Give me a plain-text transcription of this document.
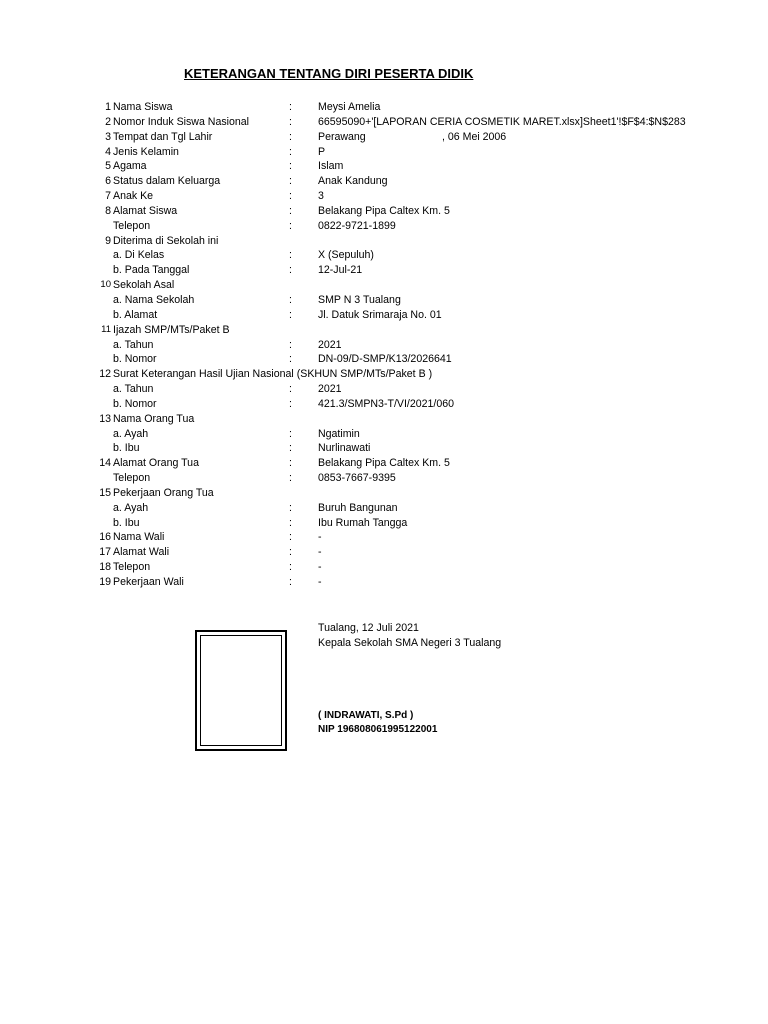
KETERANGAN TENTANG DIRI PESERTA DIDIK
1 Nama Siswa	: Meysi Amelia
2 Nomor Induk Siswa Nasional	: 66595090+'[LAPORAN CERIA COSMETIK MARET.xlsx]Sheet1'!$F$4:$N$283
3 Tempat dan Tgl Lahir	: Perawang	, 06 Mei 2006
4 Jenis Kelamin	: P
5 Agama	: Islam
6 Status dalam Keluarga	: Anak Kandung
7 Anak Ke	: 3
8 Alamat Siswa	: Belakang Pipa Caltex Km. 5
Telepon	: 0822-9721-1899
9 Diterima di Sekolah ini
a. Di Kelas	: X (Sepuluh)
b. Pada Tanggal	: 12-Jul-21
10 Sekolah Asal
a. Nama Sekolah	: SMP N 3 Tualang
b. Alamat	: Jl. Datuk Srimaraja No. 01
11 Ijazah SMP/MTs/Paket B
a. Tahun	: 2021
b. Nomor	: DN-09/D-SMP/K13/2026641
12 Surat Keterangan Hasil Ujian Nasional (SKHUN SMP/MTs/Paket B )
a. Tahun	: 2021
b. Nomor	: 421.3/SMPN3-T/VI/2021/060
13 Nama Orang Tua
a. Ayah	: Ngatimin
b. Ibu	: Nurlinawati
14 Alamat Orang Tua	: Belakang Pipa Caltex Km. 5
Telepon	: 0853-7667-9395
15 Pekerjaan Orang Tua
a. Ayah	: Buruh Bangunan
b. Ibu	: Ibu Rumah Tangga
16 Nama Wali	: -
17 Alamat Wali	: -
18 Telepon	: -
19 Pekerjaan Wali	: -
Tualang, 12 Juli 2021
Kepala Sekolah SMA Negeri 3 Tualang
( INDRAWATI, S.Pd )
NIP 196808061995122001
